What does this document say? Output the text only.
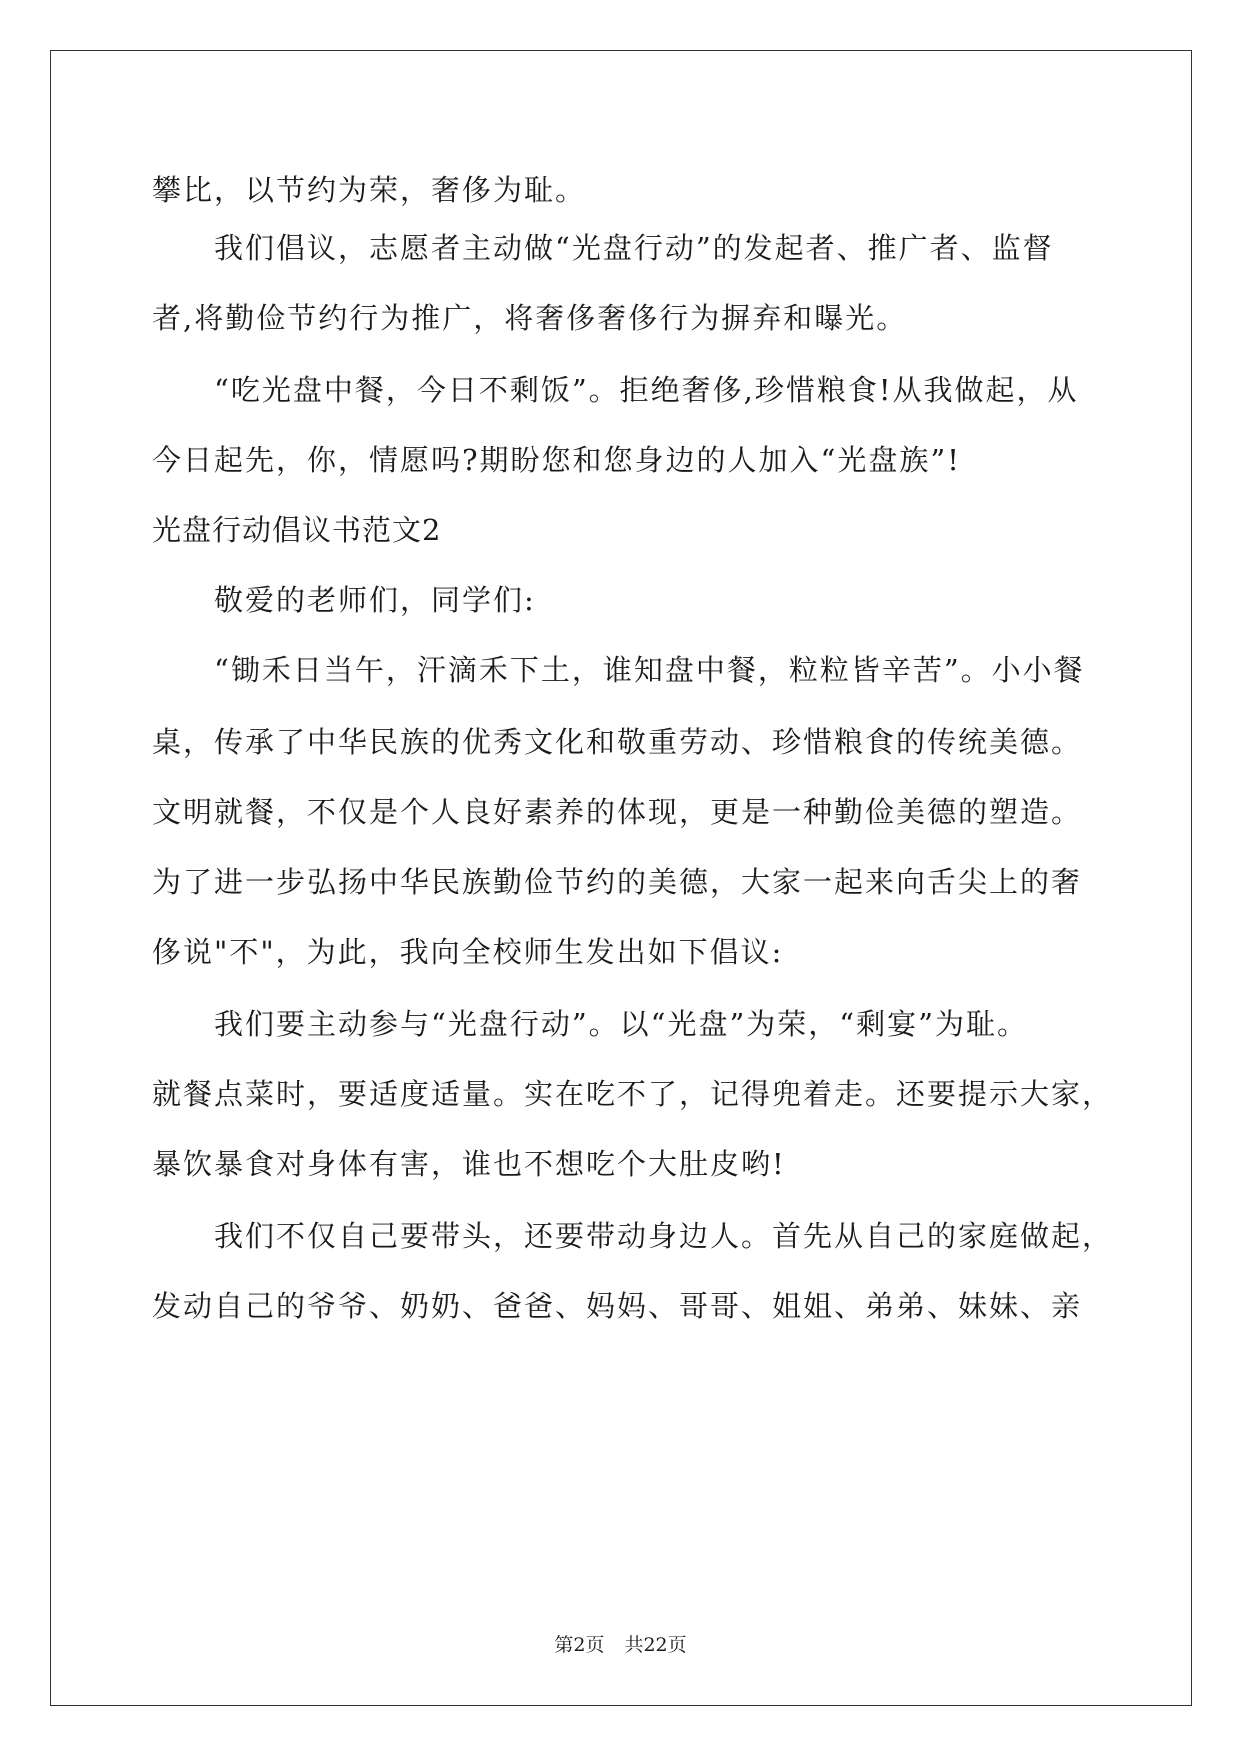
攀比，以节约为荣，奢侈为耻。
我们倡议，志愿者主动做“光盘行动”的发起者、推广者、监督
者,将勤俭节约行为推广，将奢侈奢侈行为摒弃和曝光。
“吃光盘中餐，今日不剩饭”。拒绝奢侈,珍惜粮食!从我做起，从
今日起先，你，情愿吗?期盼您和您身边的人加入“光盘族”!
光盘行动倡议书范文2
敬爱的老师们，同学们:
“锄禾日当午，汗滴禾下土，谁知盘中餐，粒粒皆辛苦”。小小餐
桌，传承了中华民族的优秀文化和敬重劳动、珍惜粮食的传统美德。
文明就餐，不仅是个人良好素养的体现，更是一种勤俭美德的塑造。
为了进一步弘扬中华民族勤俭节约的美德，大家一起来向舌尖上的奢
侈说"不"，为此，我向全校师生发出如下倡议:
我们要主动参与“光盘行动”。以“光盘”为荣，“剩宴”为耻。
就餐点菜时，要适度适量。实在吃不了，记得兜着走。还要提示大家，
暴饮暴食对身体有害，谁也不想吃个大肚皮哟!
我们不仅自己要带头，还要带动身边人。首先从自己的家庭做起，
发动自己的爷爷、奶奶、爸爸、妈妈、哥哥、姐姐、弟弟、妹妹、亲
第2页 共22页
